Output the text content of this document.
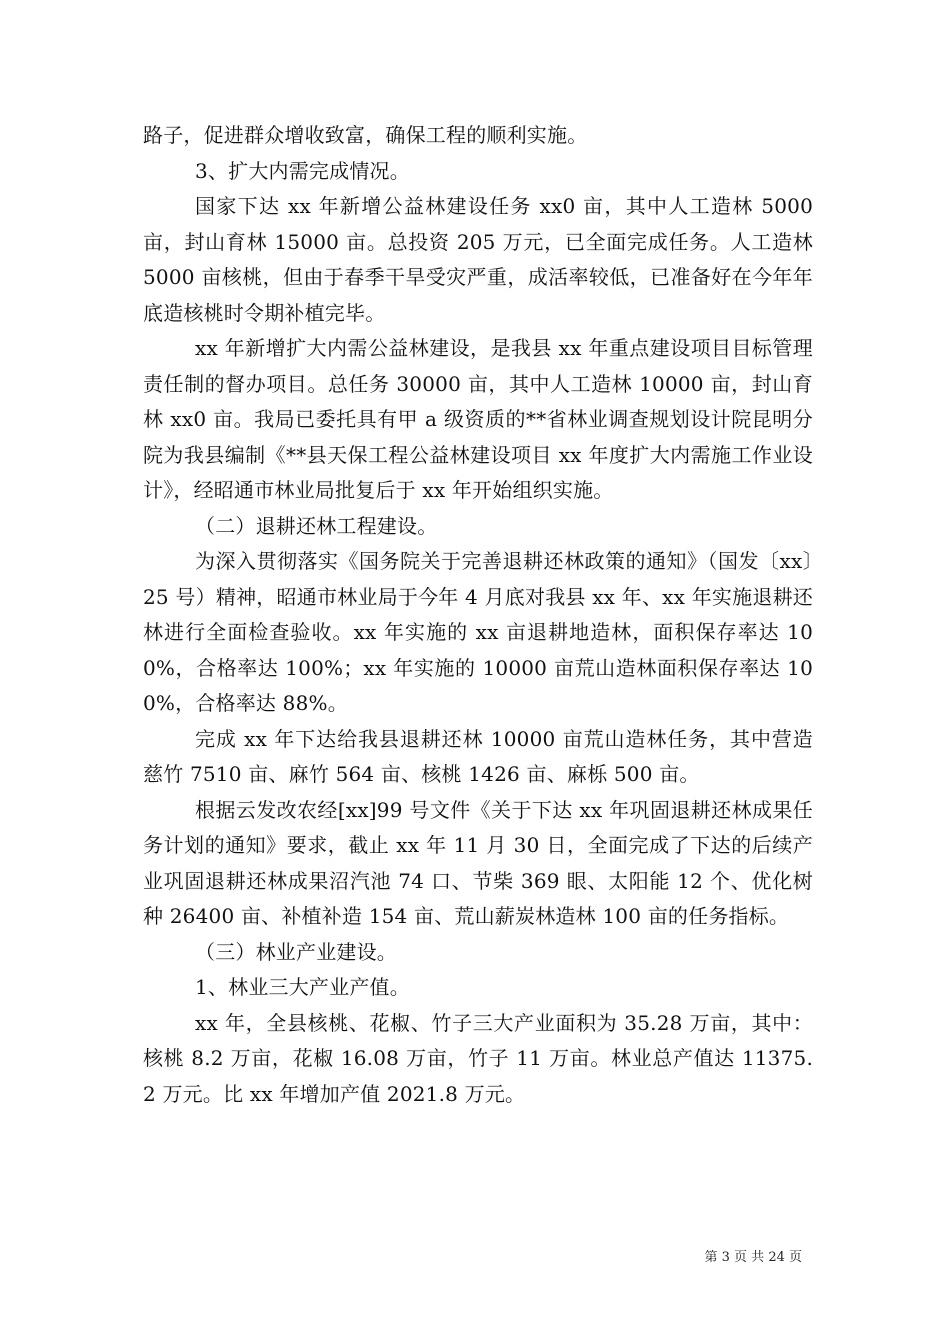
路子，促进群众增收致富，确保工程的顺利实施。

3、扩大内需完成情况。

国家下达 xx 年新增公益林建设任务 xx0 亩，其中人工造林 5000 亩，封山育林 15000 亩。总投资 205 万元，已全面完成任务。人工造林 5000 亩核桃，但由于春季干旱受灾严重，成活率较低，已准备好在今年年底造核桃时令期补植完毕。

xx 年新增扩大内需公益林建设，是我县 xx 年重点建设项目目标管理责任制的督办项目。总任务 30000 亩，其中人工造林 10000 亩，封山育林 xx0 亩。我局已委托具有甲 a 级资质的**省林业调查规划设计院昆明分院为我县编制《**县天保工程公益林建设项目 xx 年度扩大内需施工作业设计》，经昭通市林业局批复后于 xx 年开始组织实施。

（二）退耕还林工程建设。

为深入贯彻落实《国务院关于完善退耕还林政策的通知》（国发〔xx〕25 号）精神，昭通市林业局于今年 4 月底对我县 xx 年、xx 年实施退耕还林进行全面检查验收。xx 年实施的 xx 亩退耕地造林，面积保存率达 100%，合格率达 100%；xx 年实施的 10000 亩荒山造林面积保存率达 100%，合格率达 88%。

完成 xx 年下达给我县退耕还林 10000 亩荒山造林任务，其中营造慈竹 7510 亩、麻竹 564 亩、核桃 1426 亩、麻栎 500 亩。

根据云发改农经[xx]99 号文件《关于下达 xx 年巩固退耕还林成果任务计划的通知》要求，截止 xx 年 11 月 30 日，全面完成了下达的后续产业巩固退耕还林成果沼汽池 74 口、节柴 369 眼、太阳能 12 个、优化树种 26400 亩、补植补造 154 亩、荒山薪炭林造林 100 亩的任务指标。

（三）林业产业建设。

1、林业三大产业产值。

xx 年，全县核桃、花椒、竹子三大产业面积为 35.28 万亩，其中：核桃 8.2 万亩，花椒 16.08 万亩，竹子 11 万亩。林业总产值达 11375.2 万元。比 xx 年增加产值 2021.8 万元。

第 3 页 共 24 页
